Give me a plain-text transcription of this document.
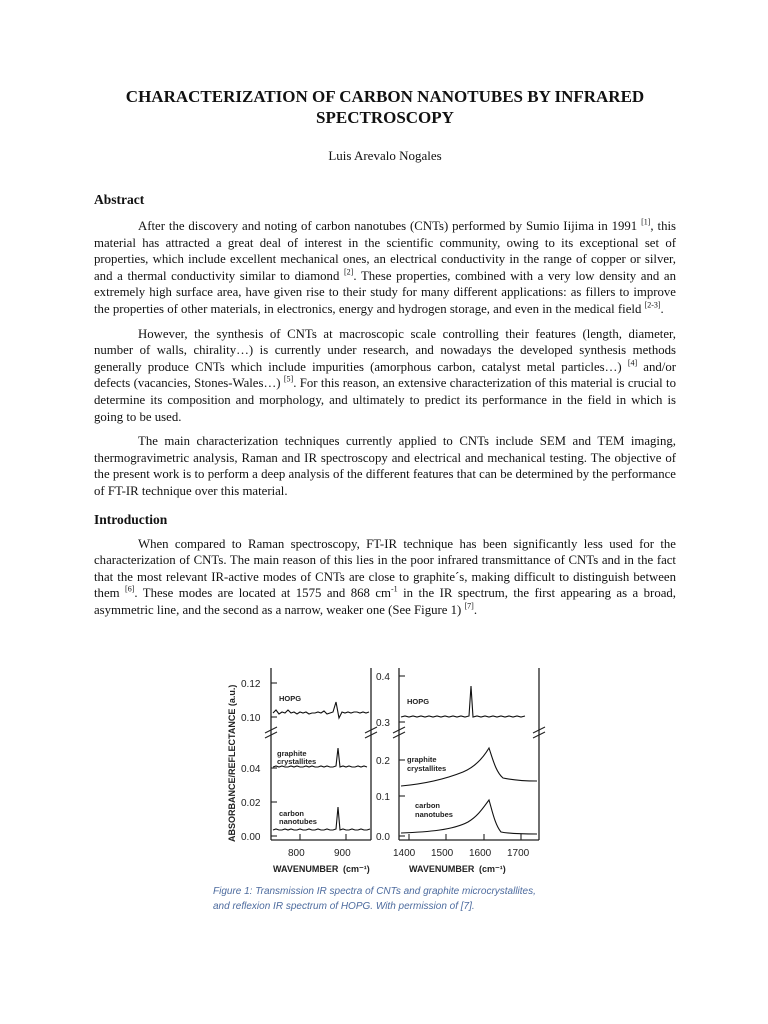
CHARACTERIZATION OF CARBON NANOTUBES BY INFRARED
SPECTROSCOPY
Luis Arevalo Nogales
Abstract

After the discovery and noting of carbon nanotubes (CNTs) performed by Sumio Iijima in 1991 [1], this material has attracted a great deal of interest in the scientific community, owing to its exceptional set of properties, which include excellent mechanical ones, an electrical conductivity in the range of copper or silver, and a thermal conductivity similar to diamond [2]. These properties, combined with a very low density and an extremely high surface area, have given rise to their study for many different applications: as fillers to improve the properties of other materials, in electronics, energy and hydrogen storage, and even in the medical field [2-3].

However, the synthesis of CNTs at macroscopic scale controlling their features (length, diameter, number of walls, chirality…) is currently under research, and nowadays the developed synthesis methods generally produce CNTs which include impurities (amorphous carbon, catalyst metal particles…) [4] and/or defects (vacancies, Stones-Wales…) [5]. For this reason, an extensive characterization of this material is crucial to determine its composition and morphology, and ultimately to predict its performance in the field in which is going to be used.

The main characterization techniques currently applied to CNTs include SEM and TEM imaging, thermogravimetric analysis, Raman and IR spectroscopy and electrical and mechanical testing. The objective of the present work is to perform a deep analysis of the different features that can be determined by the performance of FT-IR technique over this material.

Introduction

When compared to Raman spectroscopy, FT-IR technique has been significantly less used for the characterization of CNTs. The main reason of this lies in the poor infrared transmittance of CNTs and in the fact that the most relevant IR-active modes of CNTs are close to graphite´s, making difficult to distinguish between them [6]. These modes are located at 1575 and 868 $cm^{-1}$ in the IR spectrum, the first appearing as a broad, asymmetric line, and the second as a narrow, weaker one (See Figure 1) [7].

ABSORBANCE/REFLECTANCE (a.u.)
0.12
0.10
0.04
0.02
0.00
0.4
0.3
0.2
0.1
0.0
800	900	1400 1500 1600 1700
WAVENUMBER (cm⁻¹)	WAVENUMBER (cm⁻¹)
HOPG
graphite
crystallites
carbon
nanotubes
HOPG
graphite
crystallites
carbon
nanotubes
Figure 1: Transmission IR spectra of CNTs and graphite microcrystallites,
and reflexion IR spectrum of HOPG. With permission of [7].
